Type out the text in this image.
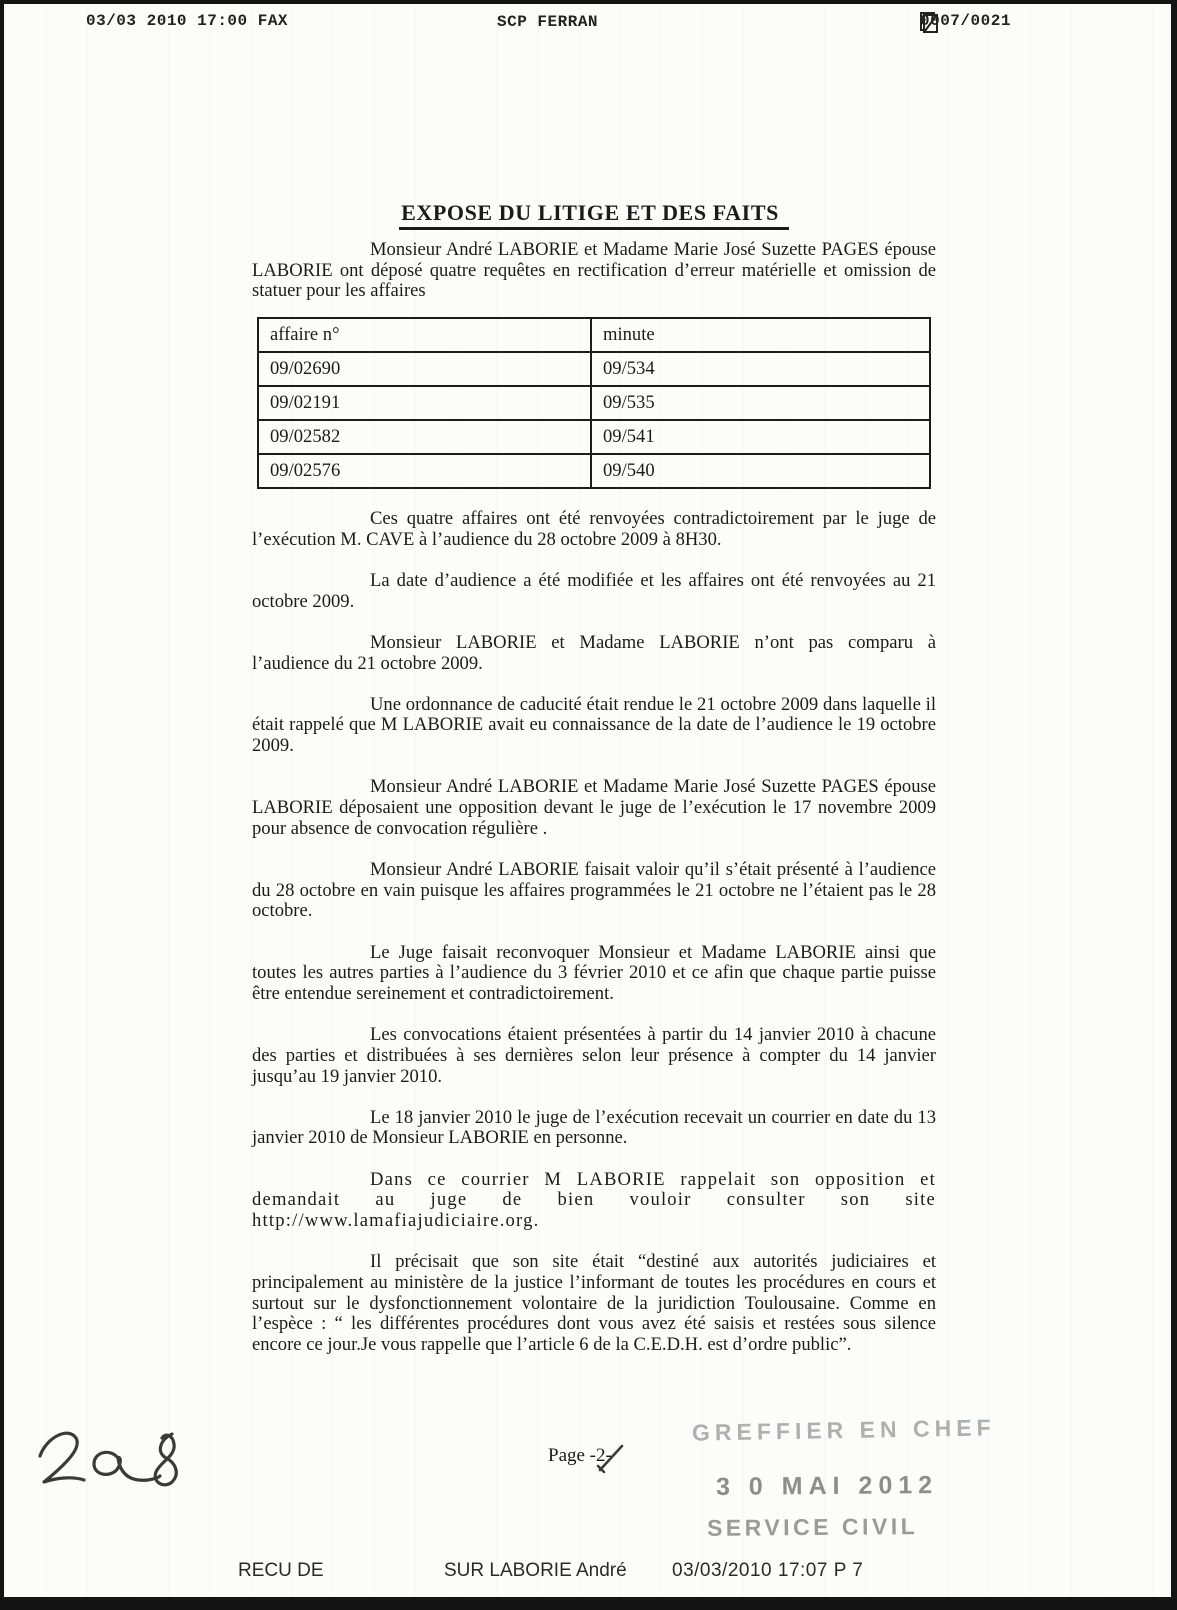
03/03 2010 17:00 FAX	SCP FERRAN	0007/0021
EXPOSE DU LITIGE ET DES FAITS

Monsieur André LABORIE et Madame Marie José Suzette PAGES épouse LABORIE ont déposé quatre requêtes en rectification d’erreur matérielle et omission de statuer pour les affaires

affaire n°	minute
09/02690	09/534
09/02191	09/535
09/02582	09/541
09/02576	09/540

Ces quatre affaires ont été renvoyées contradictoirement par le juge de l’exécution M. CAVE à l’audience du 28 octobre 2009 à 8H30.

La date d’audience a été modifiée et les affaires ont été renvoyées au 21 octobre 2009.

Monsieur LABORIE et Madame LABORIE n’ont pas comparu à l’audience du 21 octobre 2009.

Une ordonnance de caducité était rendue le 21 octobre 2009 dans laquelle il était rappelé que M LABORIE avait eu connaissance de la date de l’audience le 19 octobre 2009.

Monsieur André LABORIE et Madame Marie José Suzette PAGES épouse LABORIE déposaient une opposition devant le juge de l’exécution le 17 novembre 2009 pour absence de convocation régulière .

Monsieur André LABORIE faisait valoir qu’il s’était présenté à l’audience du 28 octobre en vain puisque les affaires programmées le 21 octobre ne l’étaient pas le 28 octobre.

Le Juge faisait reconvoquer Monsieur et Madame LABORIE ainsi que toutes les autres parties à l’audience du 3 février 2010 et ce afin que chaque partie puisse être entendue sereinement et contradictoirement.

Les convocations étaient présentées à partir du 14 janvier 2010 à chacune des parties et distribuées à ses dernières selon leur présence à compter du 14 janvier jusqu’au 19 janvier 2010.

Le 18 janvier 2010 le juge de l’exécution recevait un courrier en date du 13 janvier 2010 de Monsieur LABORIE en personne.

Dans ce courrier M LABORIE rappelait son opposition et demandait au juge de bien vouloir consulter son site http://www.lamafiajudiciaire.org.

Il précisait que son site était “destiné aux autorités judiciaires et principalement au ministère de la justice l’informant de toutes les procédures en cours et surtout sur le dysfonctionnement volontaire de la juridiction Toulousaine. Comme en l’espèce : “ les différentes procédures dont vous avez été saisis et restées sous silence encore ce jour.Je vous rappelle que l’article 6 de la C.E.D.H. est d’ordre public”.

Page -2-
GREFFIER EN CHEF
3 0 MAI 2012
SERVICE CIVIL
RECU DE	SUR LABORIE André 03/03/2010 17:07 P 7
